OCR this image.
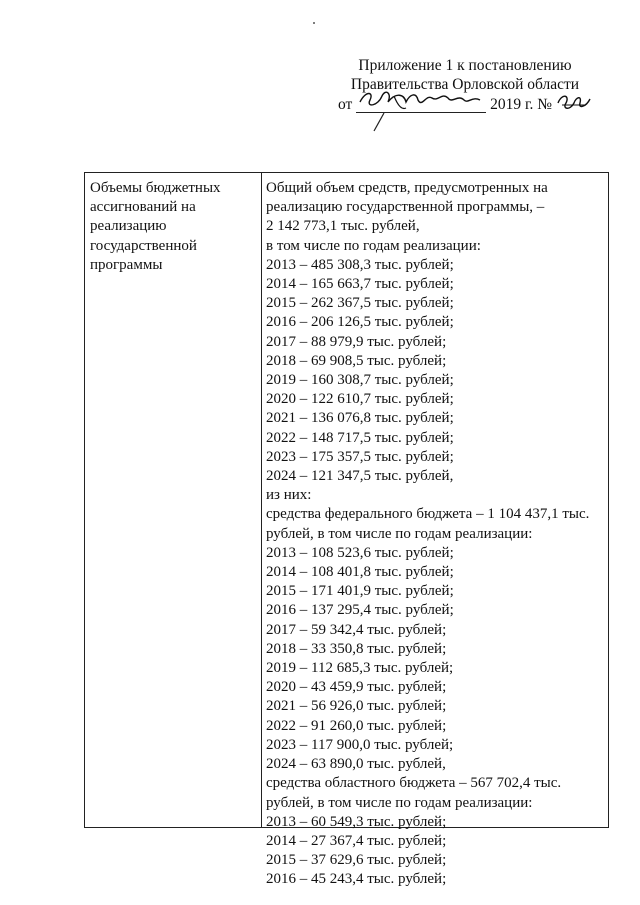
Приложение 1 к постановлению
Правительства Орловской области
от	2019 г. №
Объемы бюджетных
ассигнований на
реализацию
государственной
программы
Общий объем средств, предусмотренных на
реализацию государственной программы, –
2 142 773,1 тыс. рублей,
в том числе по годам реализации:
2013 – 485 308,3 тыс. рублей;
2014 – 165 663,7 тыс. рублей;
2015 – 262 367,5 тыс. рублей;
2016 – 206 126,5 тыс. рублей;
2017 – 88 979,9 тыс. рублей;
2018 – 69 908,5 тыс. рублей;
2019 – 160 308,7 тыс. рублей;
2020 – 122 610,7 тыс. рублей;
2021 – 136 076,8 тыс. рублей;
2022 – 148 717,5 тыс. рублей;
2023 – 175 357,5 тыс. рублей;
2024 – 121 347,5 тыс. рублей,
из них:
средства федерального бюджета – 1 104 437,1 тыс.
рублей, в том числе по годам реализации:
2013 – 108 523,6 тыс. рублей;
2014 – 108 401,8 тыс. рублей;
2015 – 171 401,9 тыс. рублей;
2016 – 137 295,4 тыс. рублей;
2017 – 59 342,4 тыс. рублей;
2018 – 33 350,8 тыс. рублей;
2019 – 112 685,3 тыс. рублей;
2020 – 43 459,9 тыс. рублей;
2021 – 56 926,0 тыс. рублей;
2022 – 91 260,0 тыс. рублей;
2023 – 117 900,0 тыс. рублей;
2024 – 63 890,0 тыс. рублей,
средства областного бюджета – 567 702,4 тыс.
рублей, в том числе по годам реализации:
2013 – 60 549,3 тыс. рублей;
2014 – 27 367,4 тыс. рублей;
2015 – 37 629,6 тыс. рублей;
2016 – 45 243,4 тыс. рублей;
